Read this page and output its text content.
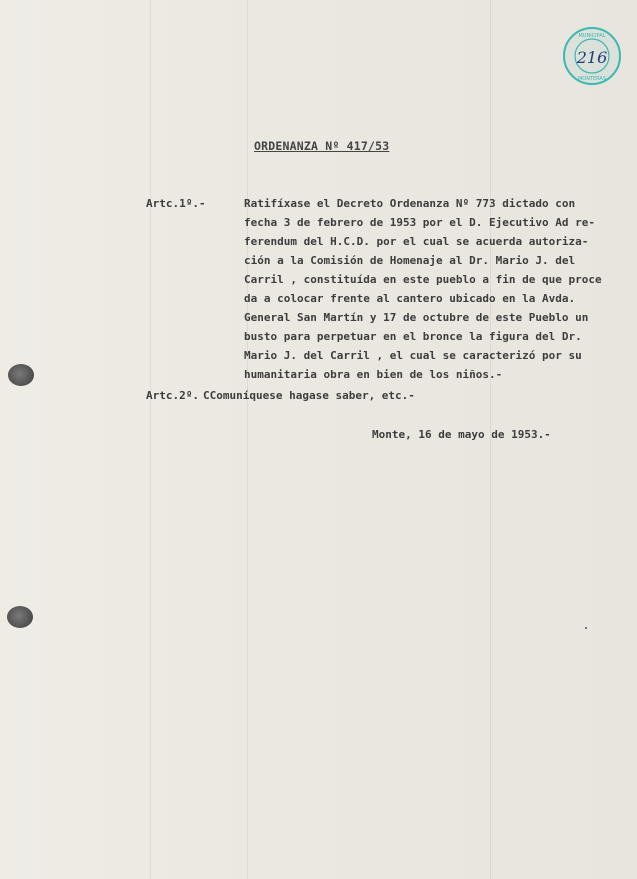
MUNICIPAL
MONTERAS
216
ORDENANZA Nº 417/53
Artc.1º.-	Ratifíxase el Decreto Ordenanza Nº 773 dictado con
fecha 3 de febrero de 1953 por el D. Ejecutivo Ad re-
ferendum del H.C.D. por el cual se acuerda autoriza-
ción a la Comisión de Homenaje al Dr. Mario J. del
Carril , constituída en este pueblo a fin de que proce
da a colocar frente al cantero ubicado en la Avda.
General San Martín y 17 de octubre de este Pueblo un
busto para perpetuar en el bronce la figura del Dr.
Mario J. del Carril , el cual se caracterizó por su
humanitaria obra en bien de los niños.-
Artc.2º. CComuníquese hagase saber, etc.-
Monte, 16 de mayo de 1953.-
